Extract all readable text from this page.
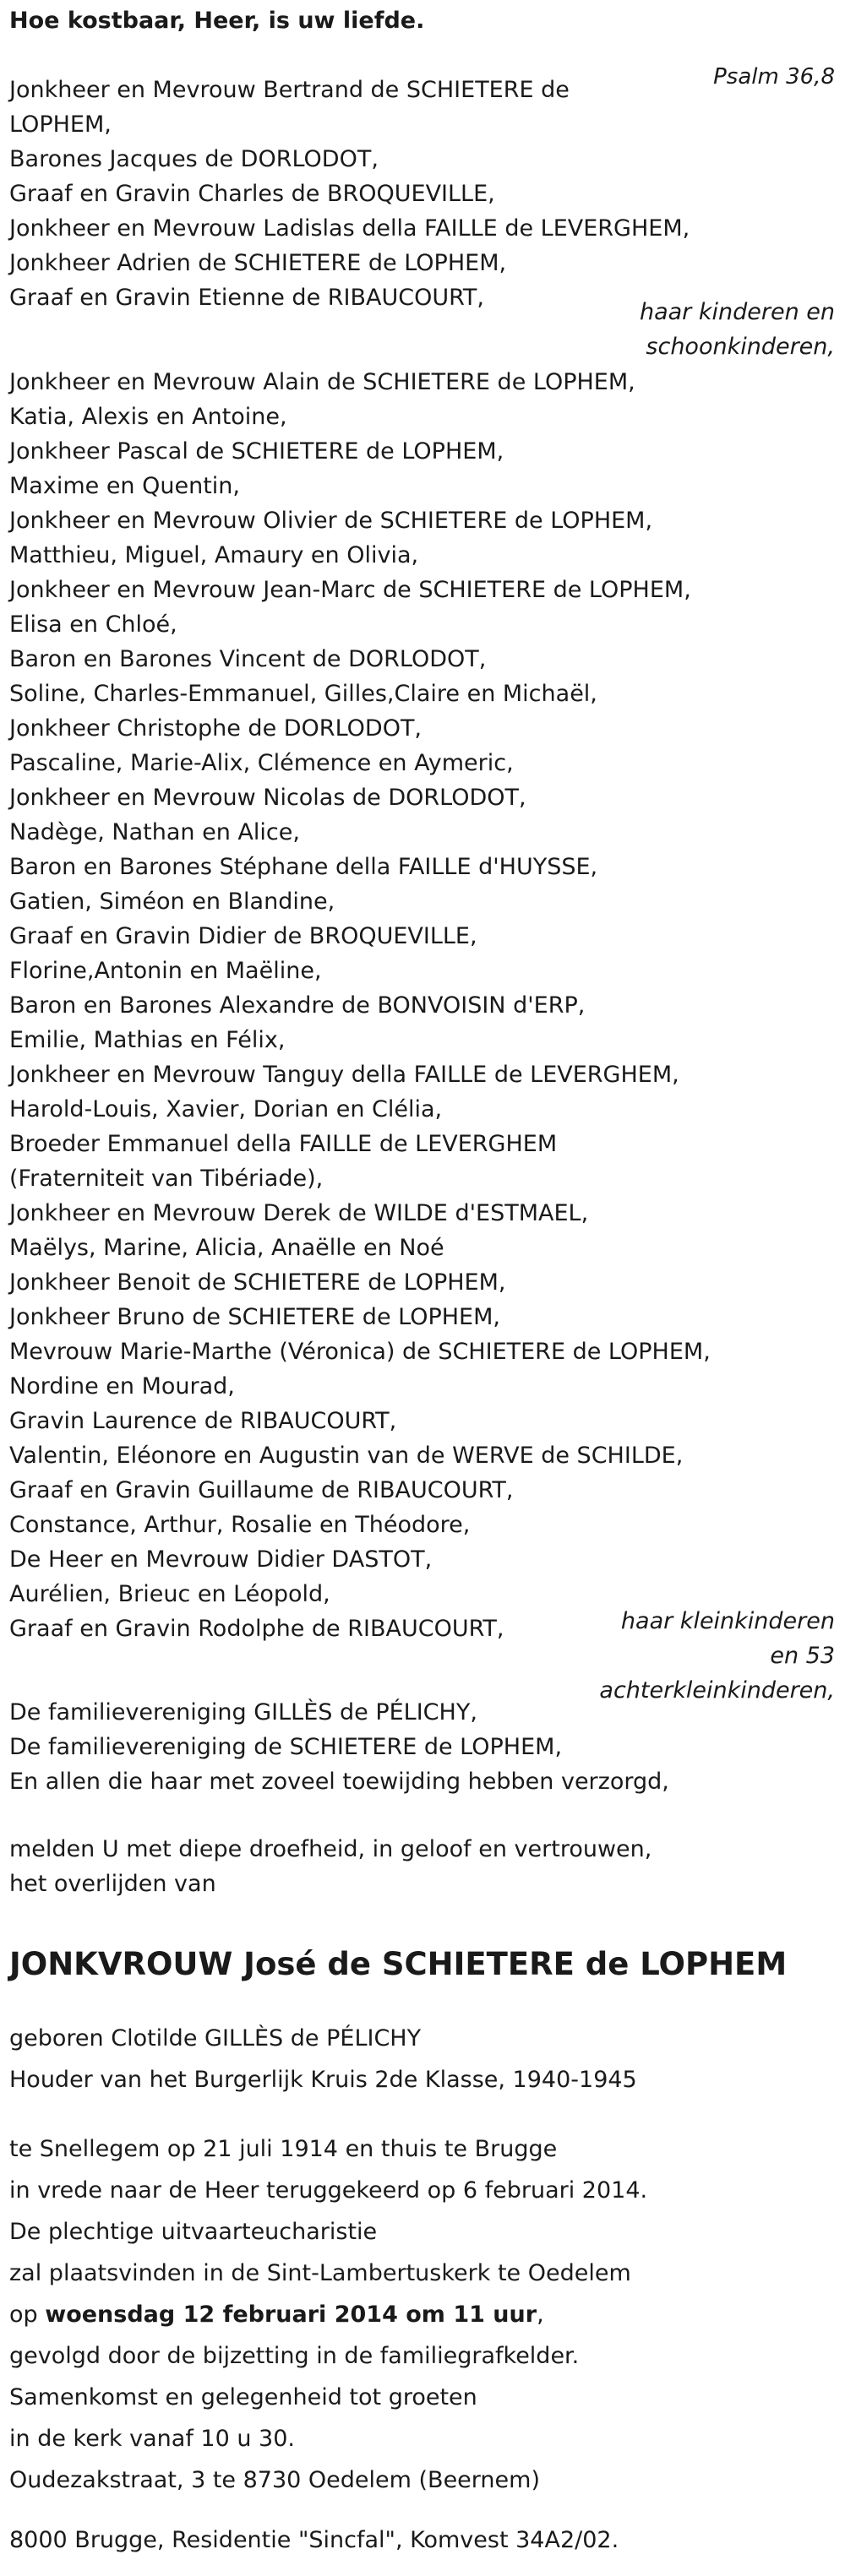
Hoe kostbaar, Heer, is uw liefde.
Psalm 36,8
Jonkheer en Mevrouw Bertrand de SCHIETERE de
LOPHEM,
Barones Jacques de DORLODOT,
Graaf en Gravin Charles de BROQUEVILLE,
Jonkheer en Mevrouw Ladislas della FAILLE de LEVERGHEM,
Jonkheer Adrien de SCHIETERE de LOPHEM,
Graaf en Gravin Etienne de RIBAUCOURT,
haar kinderen en
schoonkinderen,
Jonkheer en Mevrouw Alain de SCHIETERE de LOPHEM,
Katia, Alexis en Antoine,
Jonkheer Pascal de SCHIETERE de LOPHEM,
Maxime en Quentin,
Jonkheer en Mevrouw Olivier de SCHIETERE de LOPHEM,
Matthieu, Miguel, Amaury en Olivia,
Jonkheer en Mevrouw Jean-Marc de SCHIETERE de LOPHEM,
Elisa en Chloé,
Baron en Barones Vincent de DORLODOT,
Soline, Charles-Emmanuel, Gilles,Claire en Michaël,
Jonkheer Christophe de DORLODOT,
Pascaline, Marie-Alix, Clémence en Aymeric,
Jonkheer en Mevrouw Nicolas de DORLODOT,
Nadège, Nathan en Alice,
Baron en Barones Stéphane della FAILLE d'HUYSSE,
Gatien, Siméon en Blandine,
Graaf en Gravin Didier de BROQUEVILLE,
Florine,Antonin en Maëline,
Baron en Barones Alexandre de BONVOISIN d'ERP,
Emilie, Mathias en Félix,
Jonkheer en Mevrouw Tanguy della FAILLE de LEVERGHEM,
Harold-Louis, Xavier, Dorian en Clélia,
Broeder Emmanuel della FAILLE de LEVERGHEM
(Fraterniteit van Tibériade),
Jonkheer en Mevrouw Derek de WILDE d'ESTMAEL,
Maëlys, Marine, Alicia, Anaëlle en Noé
Jonkheer Benoit de SCHIETERE de LOPHEM,
Jonkheer Bruno de SCHIETERE de LOPHEM,
Mevrouw Marie-Marthe (Véronica) de SCHIETERE de LOPHEM,
Nordine en Mourad,
Gravin Laurence de RIBAUCOURT,
Valentin, Eléonore en Augustin van de WERVE de SCHILDE,
Graaf en Gravin Guillaume de RIBAUCOURT,
Constance, Arthur, Rosalie en Théodore,
De Heer en Mevrouw Didier DASTOT,
Aurélien, Brieuc en Léopold,
Graaf en Gravin Rodolphe de RIBAUCOURT,	haar kleinkinderen
en 53
achterkleinkinderen,
De familievereniging GILLÈS de PÉLICHY,
De familievereniging de SCHIETERE de LOPHEM,
En allen die haar met zoveel toewijding hebben verzorgd,
melden U met diepe droefheid, in geloof en vertrouwen,
het overlijden van
JONKVROUW José de SCHIETERE de LOPHEM
geboren Clotilde GILLÈS de PÉLICHY
Houder van het Burgerlijk Kruis 2de Klasse, 1940-1945
te Snellegem op 21 juli 1914 en thuis te Brugge
in vrede naar de Heer teruggekeerd op 6 februari 2014.
De plechtige uitvaarteucharistie
zal plaatsvinden in de Sint-Lambertuskerk te Oedelem
op woensdag 12 februari 2014 om 11 uur,
gevolgd door de bijzetting in de familiegrafkelder.
Samenkomst en gelegenheid tot groeten
in de kerk vanaf 10 u 30.
Oudezakstraat, 3 te 8730 Oedelem (Beernem)
8000 Brugge, Residentie "Sincfal", Komvest 34A2/02.
